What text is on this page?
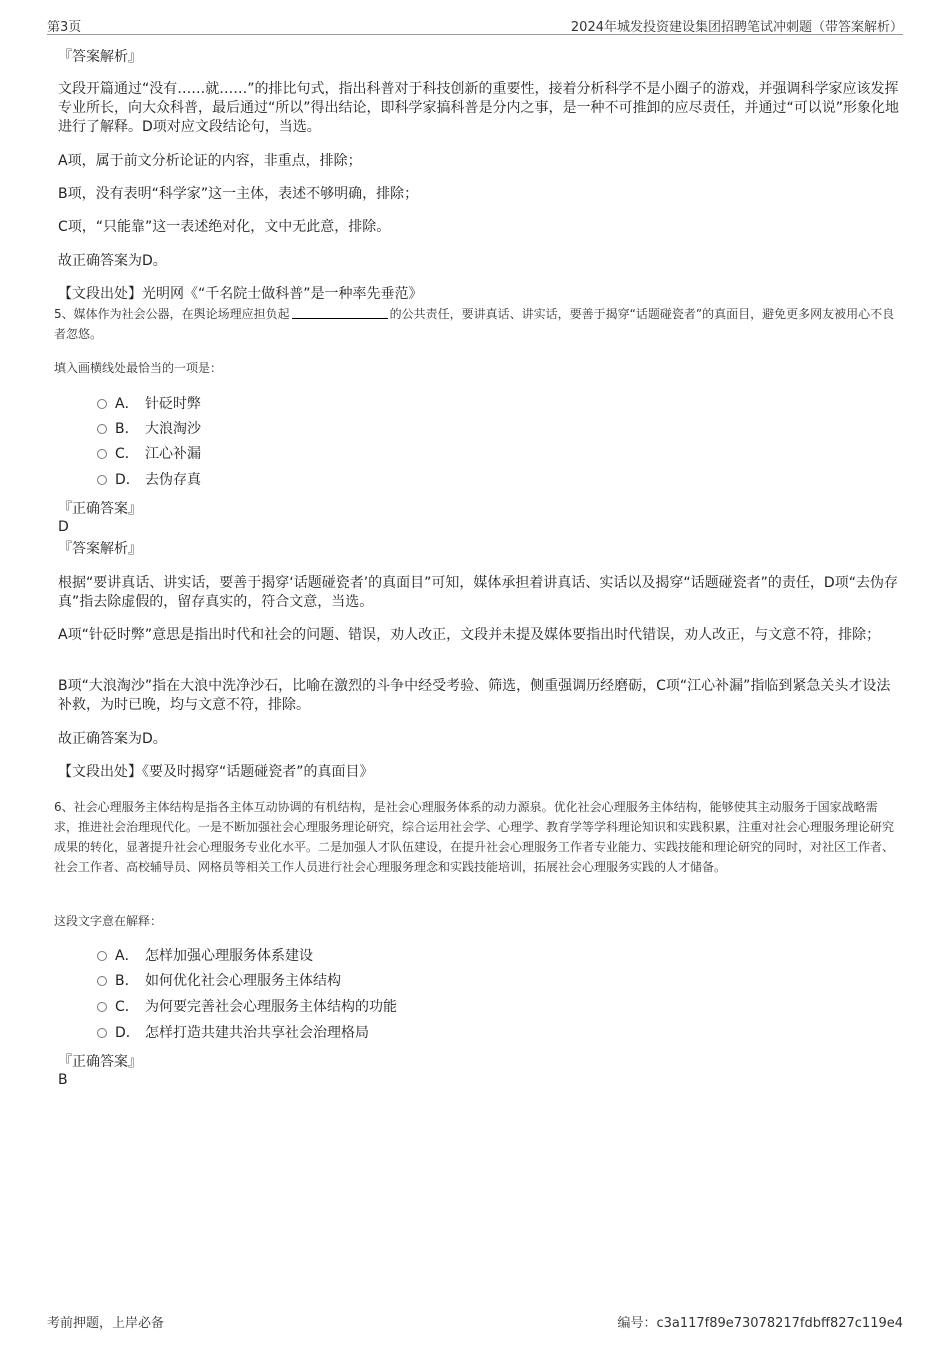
第3页	2024年城发投资建设集团招聘笔试冲刺题（带答案解析）
『答案解析』

文段开篇通过“没有……就……”的排比句式，指出科普对于科技创新的重要性，接着分析科学不是小圈子的游戏，并强调科学家应该发挥专业所长，向大众科普，最后通过“所以”得出结论，即科学家搞科普是分内之事，是一种不可推卸的应尽责任，并通过“可以说”形象化地进行了解释。D项对应文段结论句，当选。

A项，属于前文分析论证的内容，非重点，排除；

B项，没有表明“科学家”这一主体，表述不够明确，排除；

C项，“只能靠”这一表述绝对化，文中无此意，排除。

故正确答案为D。

【文段出处】光明网《“千名院士做科普”是一种率先垂范》

5、媒体作为社会公器，在舆论场理应担负起	的公共责任，要讲真话、讲实话，要善于揭穿“话题碰瓷者”的真面目，避免更多网友被用心不良者忽悠。

填入画横线处最恰当的一项是：

A． 针砭时弊
B． 大浪淘沙
C． 江心补漏
D． 去伪存真
『正确答案』
D
『答案解析』

根据“要讲真话、讲实话，要善于揭穿‘话题碰瓷者’的真面目”可知，媒体承担着讲真话、实话以及揭穿“话题碰瓷者”的责任，D项“去伪存真”指去除虚假的，留存真实的，符合文意，当选。

A项“针砭时弊”意思是指出时代和社会的问题、错误，劝人改正，文段并未提及媒体要指出时代错误，劝人改正，与文意不符，排除；

B项“大浪淘沙”指在大浪中洗净沙石，比喻在激烈的斗争中经受考验、筛选，侧重强调历经磨砺，C项“江心补漏”指临到紧急关头才设法补救，为时已晚，均与文意不符，排除。

故正确答案为D。

【文段出处】《要及时揭穿“话题碰瓷者”的真面目》

6、社会心理服务主体结构是指各主体互动协调的有机结构，是社会心理服务体系的动力源泉。优化社会心理服务主体结构，能够使其主动服务于国家战略需求，推进社会治理现代化。一是不断加强社会心理服务理论研究，综合运用社会学、心理学、教育学等学科理论知识和实践积累，注重对社会心理服务理论研究成果的转化，显著提升社会心理服务专业化水平。二是加强人才队伍建设，在提升社会心理服务工作者专业能力、实践技能和理论研究的同时，对社区工作者、社会工作者、高校辅导员、网格员等相关工作人员进行社会心理服务理念和实践技能培训，拓展社会心理服务实践的人才储备。

这段文字意在解释：

A． 怎样加强心理服务体系建设
B． 如何优化社会心理服务主体结构
C． 为何要完善社会心理服务主体结构的功能
D． 怎样打造共建共治共享社会治理格局
『正确答案』
B
考前押题，上岸必备	编号：c3a117f89e73078217fdbff827c119e4
